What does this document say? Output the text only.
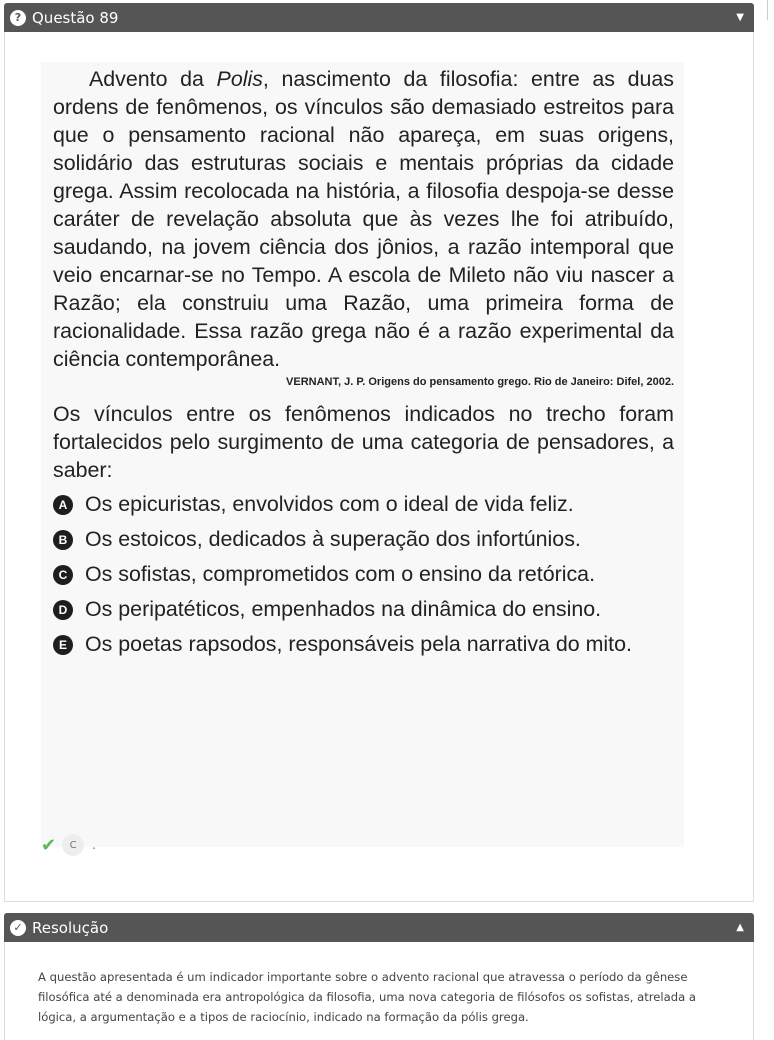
? Questão 89	▼

Advento da Polis, nascimento da filosofia: entre as duas ordens de fenômenos, os vínculos são demasiado estreitos para que o pensamento racional não apareça, em suas origens, solidário das estruturas sociais e mentais próprias da cidade grega. Assim recolocada na história, a filosofia despoja-se desse caráter de revelação absoluta que às vezes lhe foi atribuído, saudando, na jovem ciência dos jônios, a razão intemporal que veio encarnar-se no Tempo. A escola de Mileto não viu nascer a Razão; ela construiu uma Razão, uma primeira forma de racionalidade. Essa razão grega não é a razão experimental da ciência contemporânea.

VERNANT, J. P. Origens do pensamento grego. Rio de Janeiro: Difel, 2002.

Os vínculos entre os fenômenos indicados no trecho foram fortalecidos pelo surgimento de uma categoria de pensadores, a saber:

A Os epicuristas, envolvidos com o ideal de vida feliz.
B Os estoicos, dedicados à superação dos infortúnios.
C Os sofistas, comprometidos com o ensino da retórica.
D Os peripatéticos, empenhados na dinâmica do ensino.
E Os poetas rapsodos, responsáveis pela narrativa do mito.
✔	C	.
✓ Resolução	▲

A questão apresentada é um indicador importante sobre o advento racional que atravessa o período da gênese filosófica até a denominada era antropológica da filosofia, uma nova categoria de filósofos os sofistas, atrelada a lógica, a argumentação e a tipos de raciocínio, indicado na formação da pólis grega.
